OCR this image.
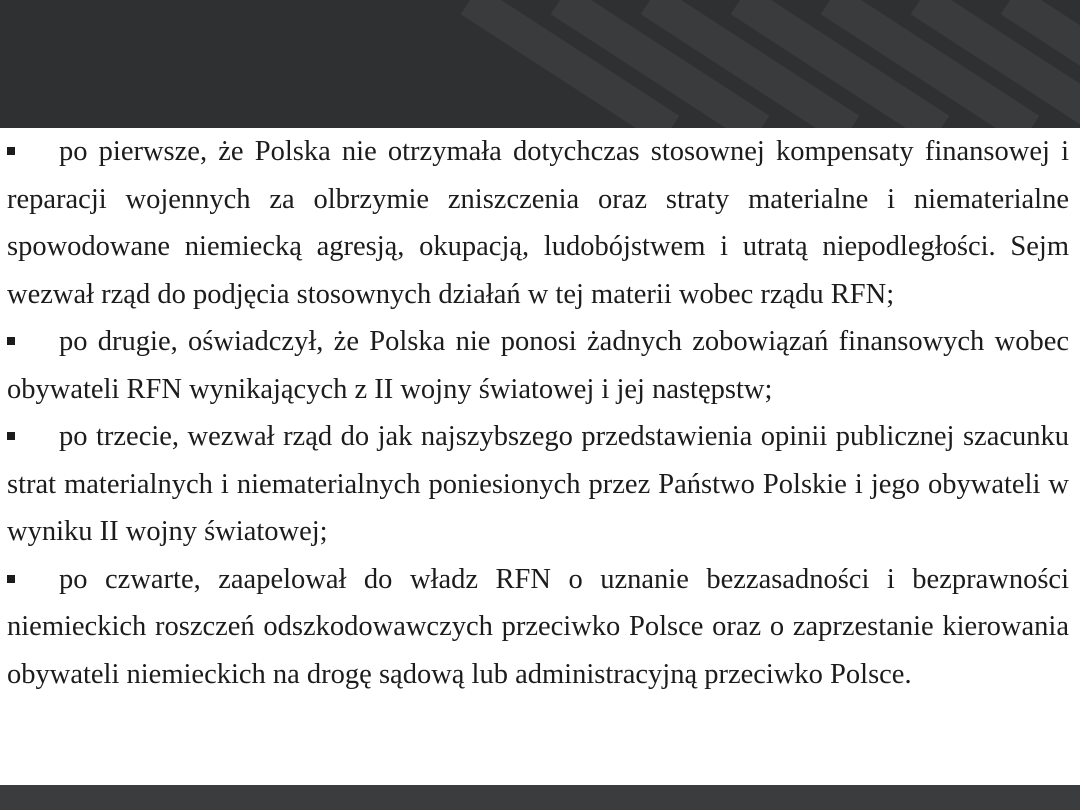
po pierwsze, że Polska nie otrzymała dotychczas stosownej kompensaty finansowej i reparacji wojennych za olbrzymie zniszczenia oraz straty materialne i niematerialne spowodowane niemiecką agresją, okupacją, ludobójstwem i utratą niepodległości. Sejm wezwał rząd do podjęcia stosownych działań w tej materii wobec rządu RFN;

po drugie, oświadczył, że Polska nie ponosi żadnych zobowiązań finansowych wobec obywateli RFN wynikających z II wojny światowej i jej następstw;

po trzecie, wezwał rząd do jak najszybszego przedstawienia opinii publicznej szacunku strat materialnych i niematerialnych poniesionych przez Państwo Polskie i jego obywateli w wyniku II wojny światowej;

po czwarte, zaapelował do władz RFN o uznanie bezzasadności i bezprawności niemieckich roszczeń odszkodowawczych przeciwko Polsce oraz o zaprzestanie kierowania obywateli niemieckich na drogę sądową lub administracyjną przeciwko Polsce.
